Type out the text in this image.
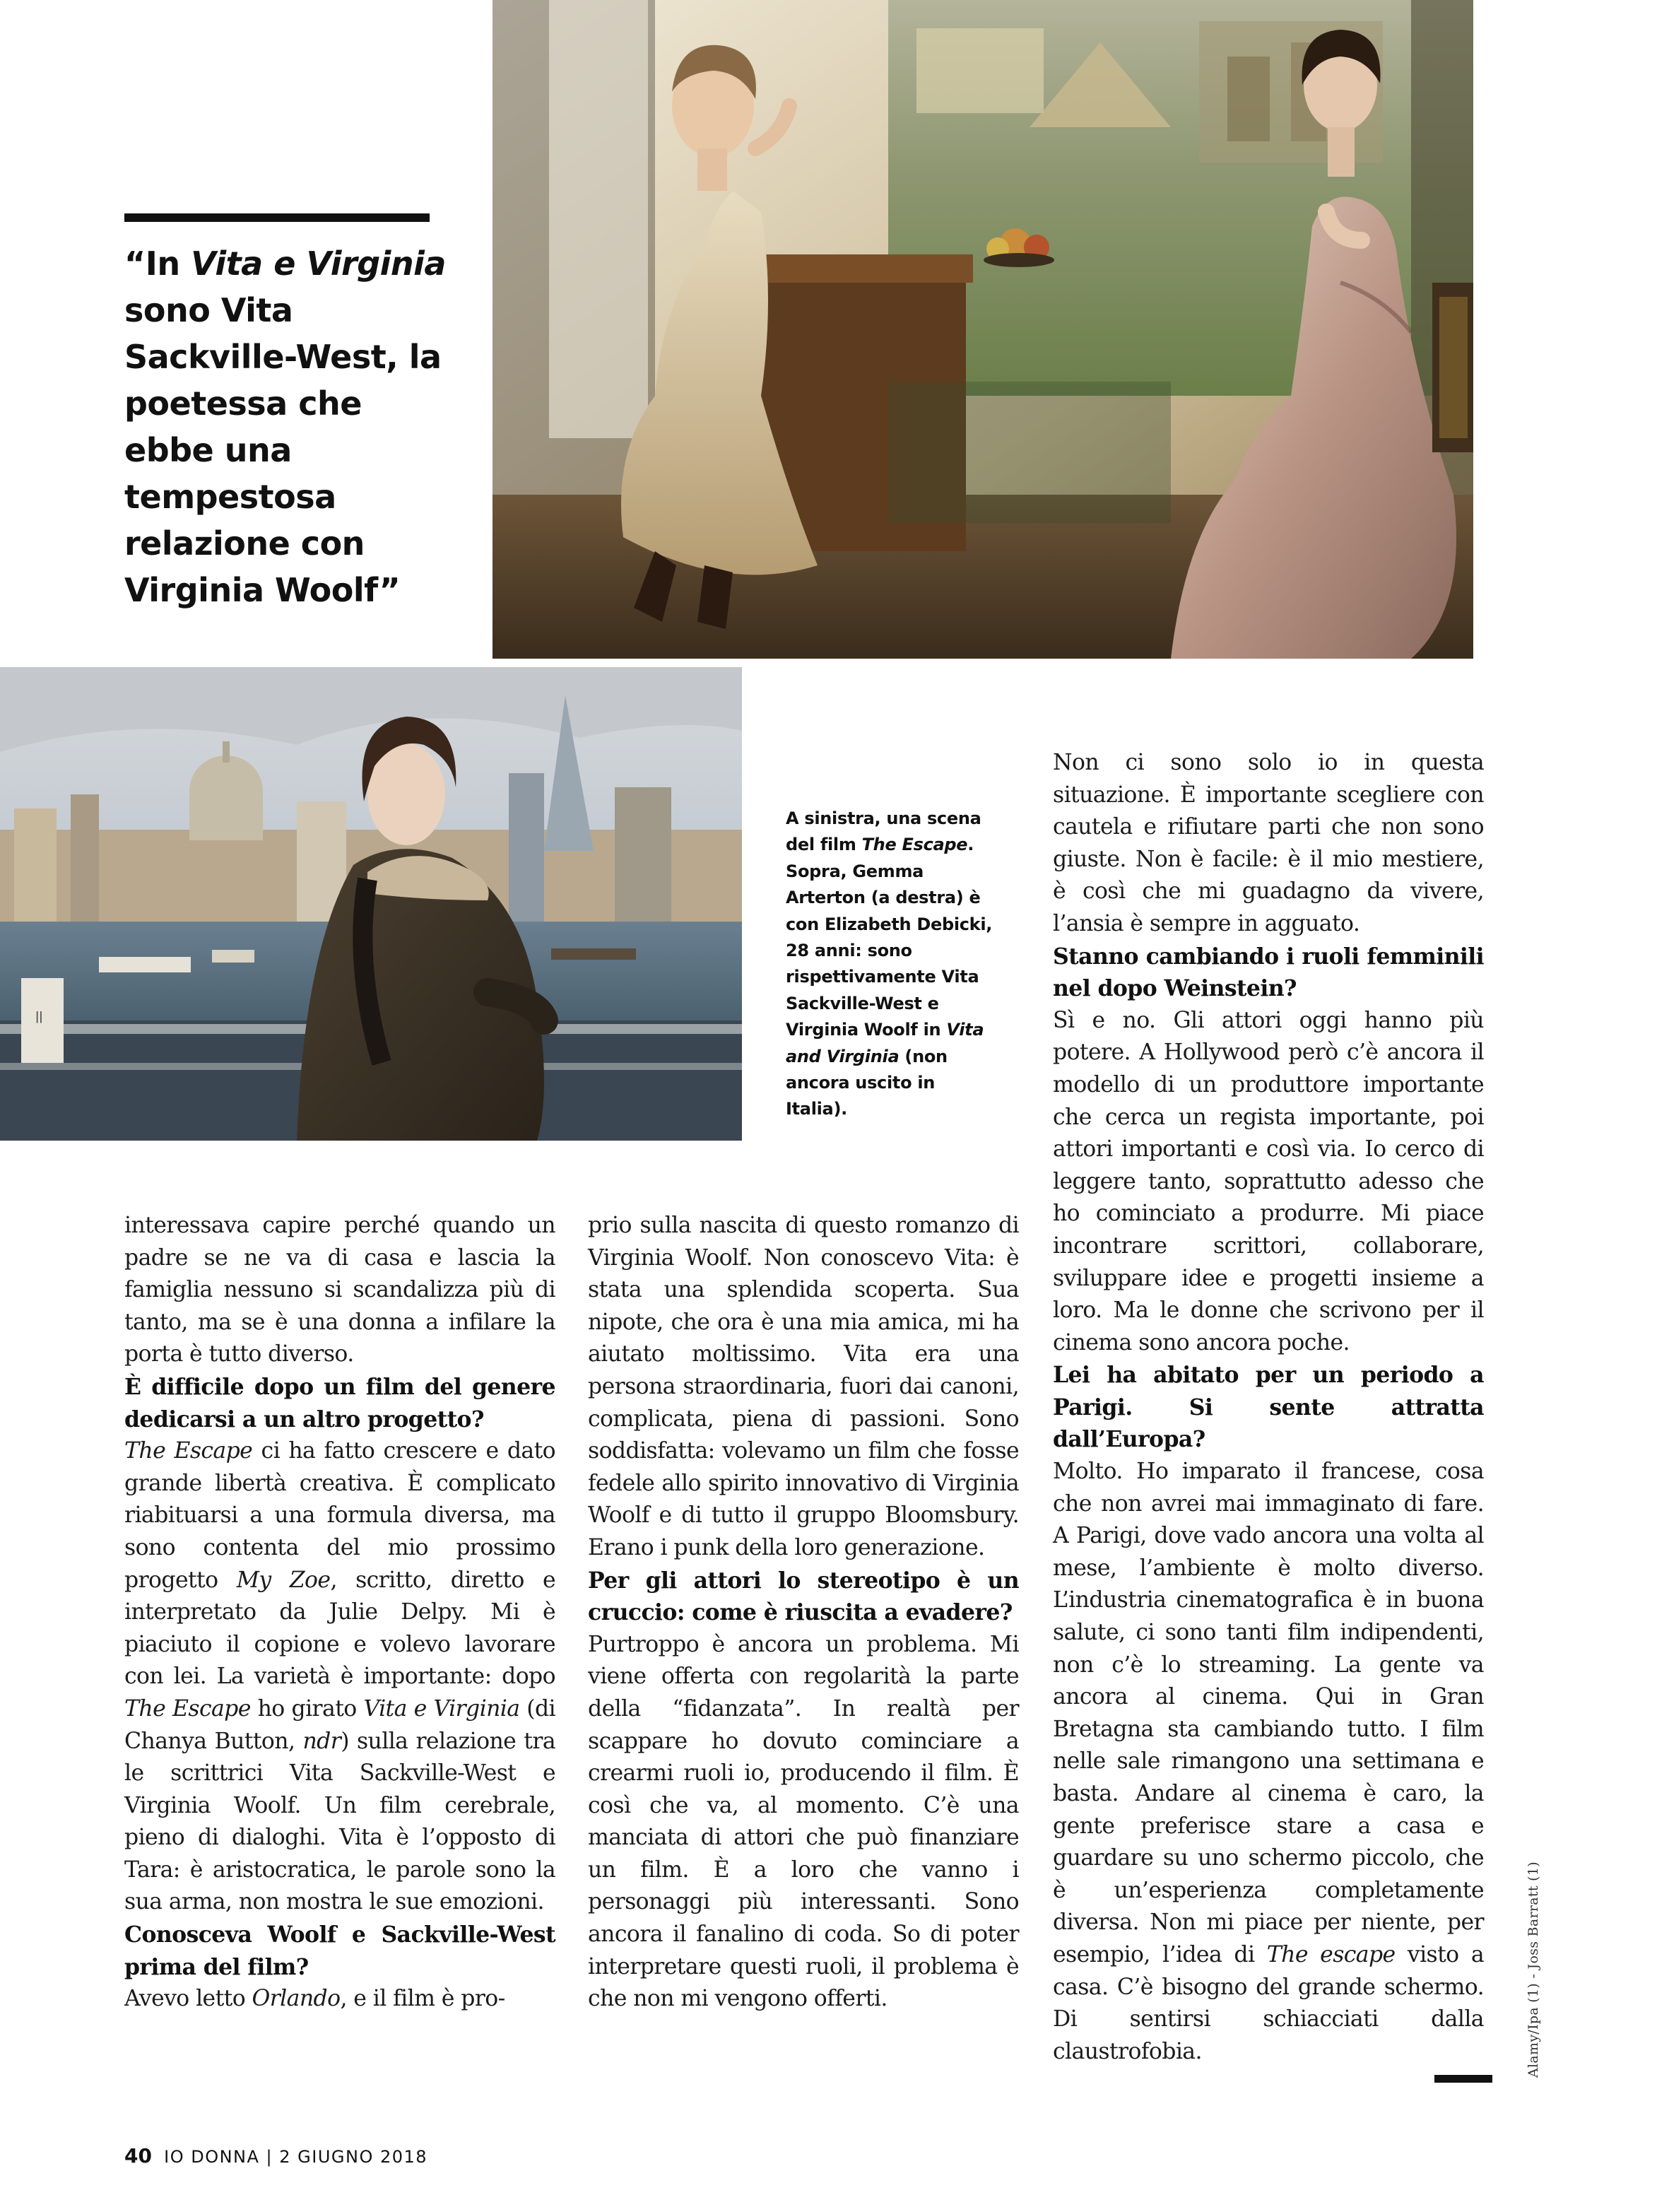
“In Vita e Virginia sono Vita Sackville-West, la poetessa che ebbe una tempestosa relazione con Virginia Woolf”

ǀǀ

A sinistra, una scena del film The Escape. Sopra, Gemma Arterton (a destra) è con Elizabeth Debicki, 28 anni: sono rispettivamente Vita Sackville-West e Virginia Woolf in Vita and Virginia (non ancora uscito in Italia).

interessava capire perché quando un padre se ne va di casa e lascia la famiglia nessuno si scandalizza più di tanto, ma se è una donna a infilare la porta è tutto diverso.

È difficile dopo un film del genere dedicarsi a un altro progetto?

The Escape ci ha fatto crescere e dato grande libertà creativa. È complicato riabituarsi a una formula diversa, ma sono contenta del mio prossimo progetto My Zoe, scritto, diretto e interpretato da Julie Delpy. Mi è piaciuto il copione e volevo lavorare con lei. La varietà è importante: dopo The Escape ho girato Vita e Virginia (di Chanya Button, ndr) sulla relazione tra le scrittrici Vita Sackville-West e Virginia Woolf. Un film cerebrale, pieno di dialoghi. Vita è l’opposto di Tara: è aristocratica, le parole sono la sua arma, non mostra le sue emozioni.

Conosceva Woolf e Sackville-West prima del film?

Avevo letto Orlando, e il film è pro-

prio sulla nascita di questo romanzo di Virginia Woolf. Non conoscevo Vita: è stata una splendida scoperta. Sua nipote, che ora è una mia amica, mi ha aiutato moltissimo. Vita era una persona straordinaria, fuori dai canoni, complicata, piena di passioni. Sono soddisfatta: volevamo un film che fosse fedele allo spirito innovativo di Virginia Woolf e di tutto il gruppo Bloomsbury. Erano i punk della loro generazione.

Per gli attori lo stereotipo è un cruccio: come è riuscita a evadere?

Purtroppo è ancora un problema. Mi viene offerta con regolarità la parte della “fidanzata”. In realtà per scappare ho dovuto cominciare a crearmi ruoli io, producendo il film. È così che va, al momento. C’è una manciata di attori che può finanziare un film. È a loro che vanno i personaggi più interessanti. Sono ancora il fanalino di coda. So di poter interpretare questi ruoli, il problema è che non mi vengono offerti.

Non ci sono solo io in questa situazione. È importante scegliere con cautela e rifiutare parti che non sono giuste. Non è facile: è il mio mestiere, è così che mi guadagno da vivere, l’ansia è sempre in agguato.

Stanno cambiando i ruoli femminili nel dopo Weinstein?

Sì e no. Gli attori oggi hanno più potere. A Hollywood però c’è ancora il modello di un produttore importante che cerca un regista importante, poi attori importanti e così via. Io cerco di leggere tanto, soprattutto adesso che ho cominciato a produrre. Mi piace incontrare scrittori, collaborare, sviluppare idee e progetti insieme a loro. Ma le donne che scrivono per il cinema sono ancora poche.

Lei ha abitato per un periodo a Parigi. Si sente attratta dall’Europa?

Molto. Ho imparato il francese, cosa che non avrei mai immaginato di fare. A Parigi, dove vado ancora una volta al mese, l’ambiente è molto diverso. L’industria cinematografica è in buona salute, ci sono tanti film indipendenti, non c’è lo streaming. La gente va ancora al cinema. Qui in Gran Bretagna sta cambiando tutto. I film nelle sale rimangono una settimana e basta. Andare al cinema è caro, la gente preferisce stare a casa e guardare su uno schermo piccolo, che è un’esperienza completamente diversa. Non mi piace per niente, per esempio, l’idea di The escape visto a casa. C’è bisogno del grande schermo. Di sentirsi schiacciati dalla claustrofobia.	Alamy/Ipa (1) - Joss Barratt (1)
40 IO DONNA | 2 GIUGNO 2018
